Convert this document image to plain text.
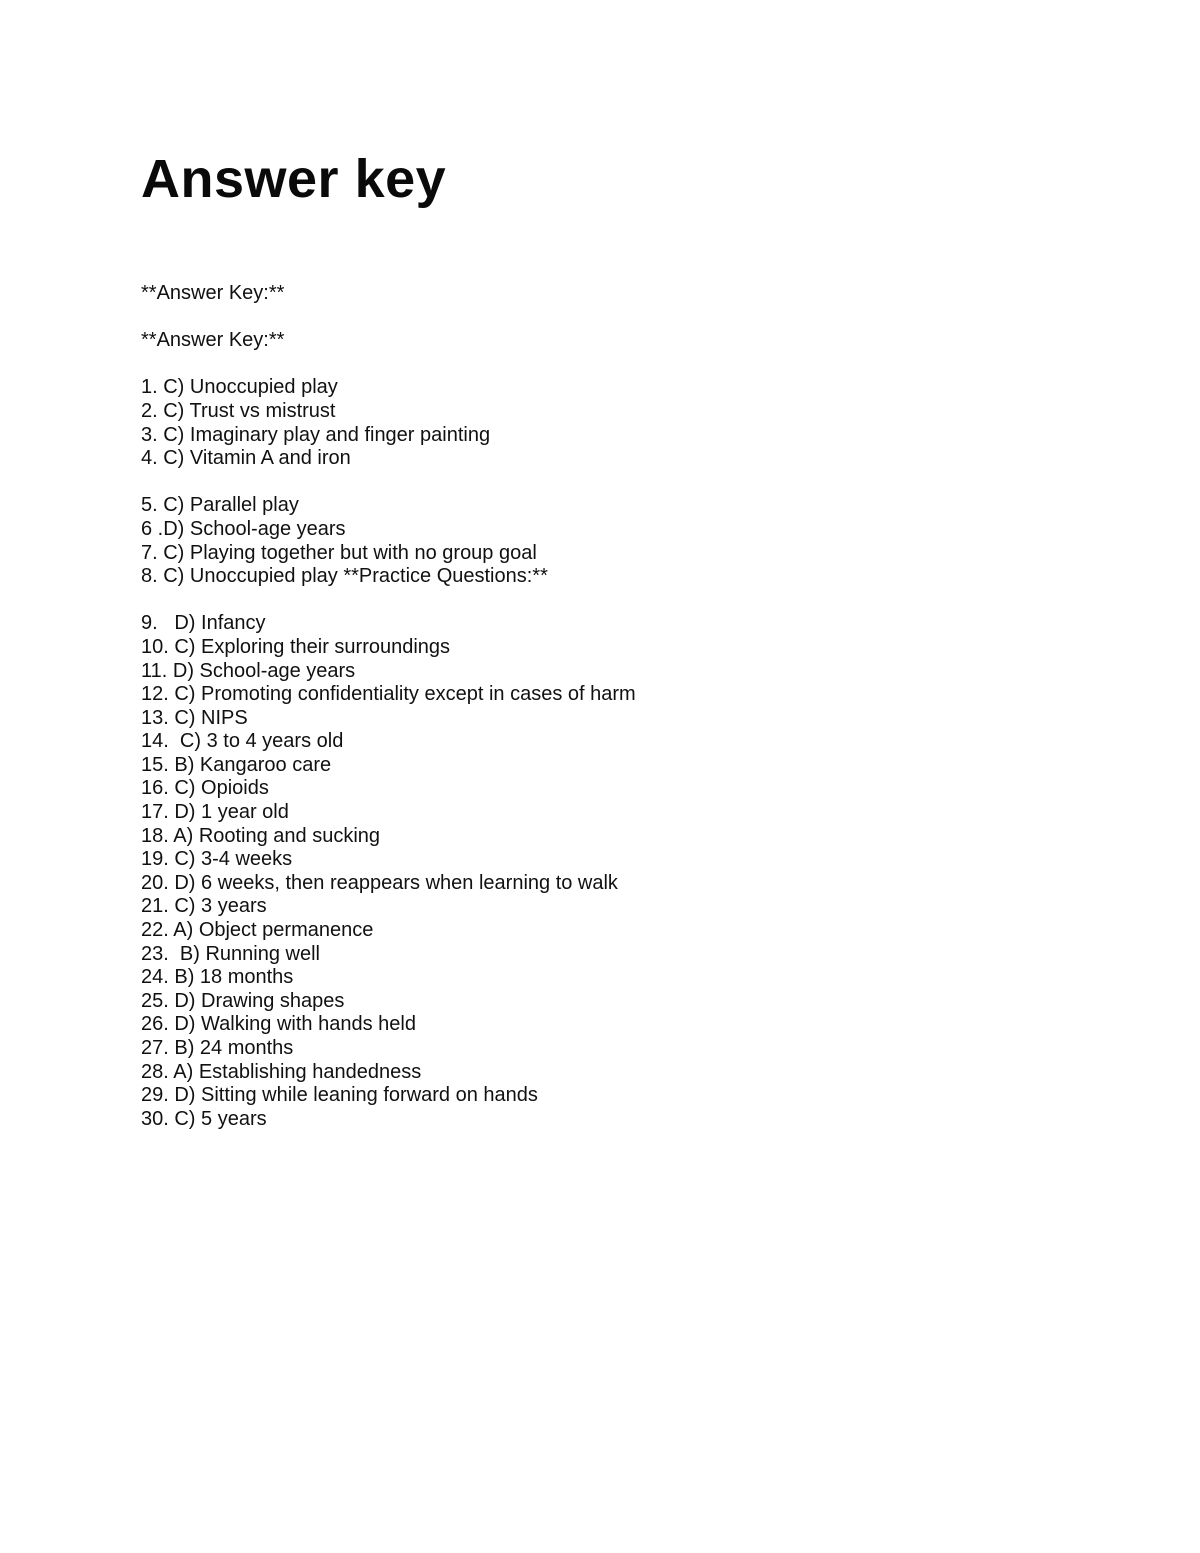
Answer key

**Answer Key:**

**Answer Key:**

1. C) Unoccupied play

2. C) Trust vs mistrust

3. C) Imaginary play and finger painting

4. C) Vitamin A and iron

5. C) Parallel play

6 .D) School-age years

7. C) Playing together but with no group goal

8. C) Unoccupied play **Practice Questions:**

9.   D) Infancy

10. C) Exploring their surroundings

11. D) School-age years

12. C) Promoting confidentiality except in cases of harm

13. C) NIPS

14.  C) 3 to 4 years old

15. B) Kangaroo care

16. C) Opioids

17. D) 1 year old

18. A) Rooting and sucking

19. C) 3-4 weeks

20. D) 6 weeks, then reappears when learning to walk

21. C) 3 years

22. A) Object permanence

23.  B) Running well

24. B) 18 months

25. D) Drawing shapes

26. D) Walking with hands held

27. B) 24 months

28. A) Establishing handedness

29. D) Sitting while leaning forward on hands

30. C) 5 years
